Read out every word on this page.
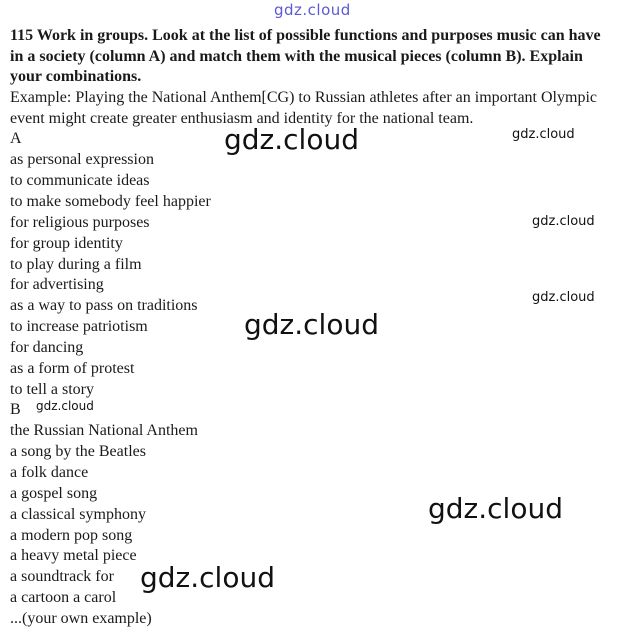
gdz.cloud

115 Work in groups. Look at the list of possible functions and purposes music can have in a society (column A) and match them with the musical pieces (column B). Explain your combinations.

Example: Playing the National Anthem[CG) to Russian athletes after an important Olympic event might create greater enthusiasm and identity for the national team.
A
as personal expression
to communicate ideas
to make somebody feel happier
for religious purposes
for group identity
to play during a film
for advertising
as a way to pass on traditions
to increase patriotism
for dancing
as a form of protest
to tell a story
B
the Russian National Anthem
a song by the Beatles
a folk dance
a gospel song
a classical symphony
a modern pop song
a heavy metal piece
a soundtrack for
a cartoon a carol
...(your own example)
gdz.cloud	gdz.cloud
gdz.cloud
gdz.cloud
gdz.cloud
gdz.cloud
gdz.cloud
gdz.cloud
